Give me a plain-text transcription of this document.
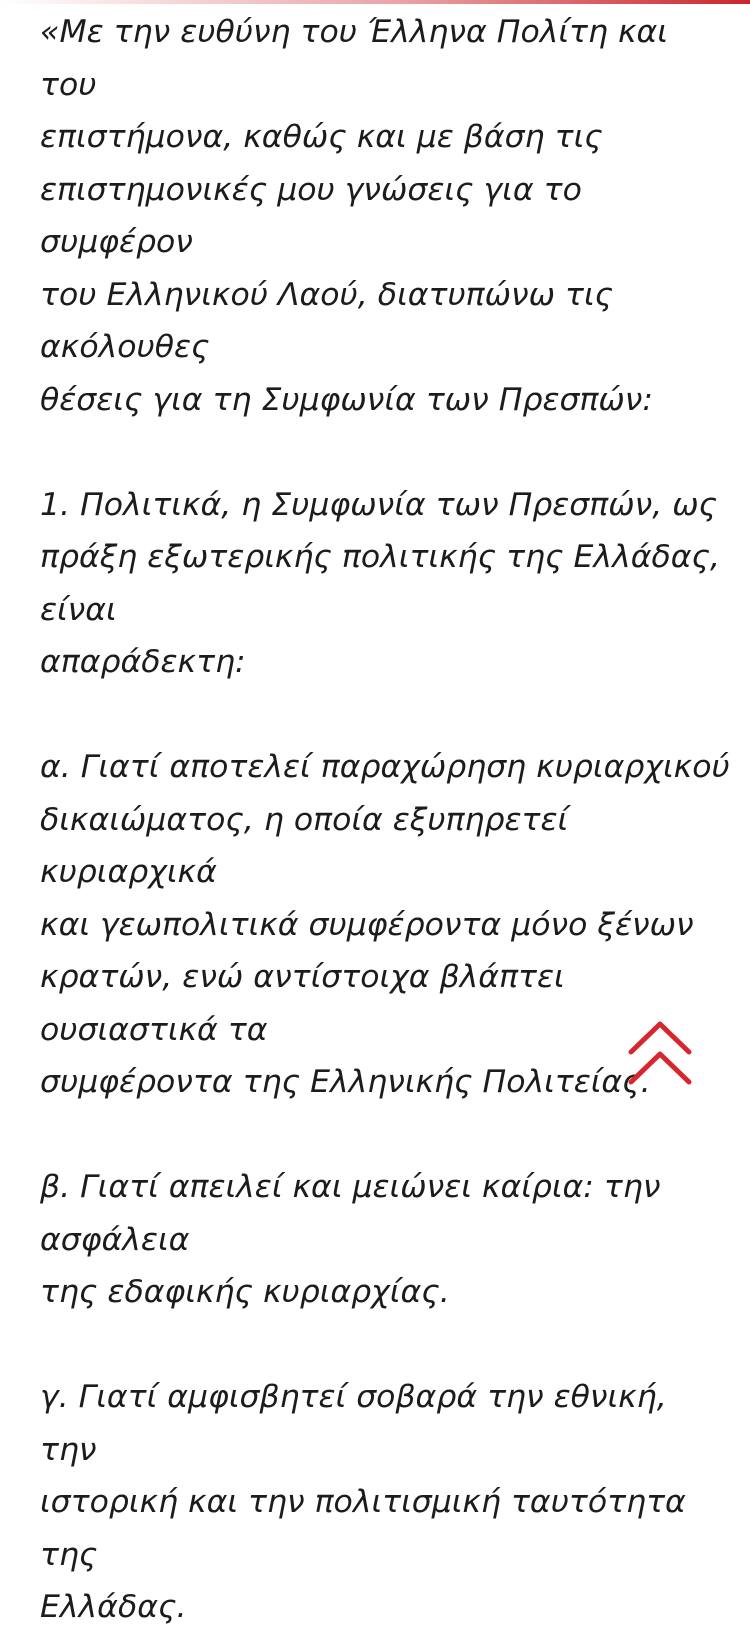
«Με την ευθύνη του Έλληνα Πολίτη και του
επιστήμονα, καθώς και με βάση τις
επιστημονικές μου γνώσεις για το συμφέρον
του Ελληνικού Λαού, διατυπώνω τις ακόλουθες
θέσεις για τη Συμφωνία των Πρεσπών:

1. Πολιτικά, η Συμφωνία των Πρεσπών, ως
πράξη εξωτερικής πολιτικής της Ελλάδας, είναι
απαράδεκτη:

α. Γιατί αποτελεί παραχώρηση κυριαρχικού
δικαιώματος, η οποία εξυπηρετεί κυριαρχικά
και γεωπολιτικά συμφέροντα μόνο ξένων
κρατών, ενώ αντίστοιχα βλάπτει ουσιαστικά τα
συμφέροντα της Ελληνικής Πολιτείας.

β. Γιατί απειλεί και μειώνει καίρια: την ασφάλεια
της εδαφικής κυριαρχίας.

γ. Γιατί αμφισβητεί σοβαρά την εθνική, την
ιστορική και την πολιτισμική ταυτότητα της
Ελλάδας.
